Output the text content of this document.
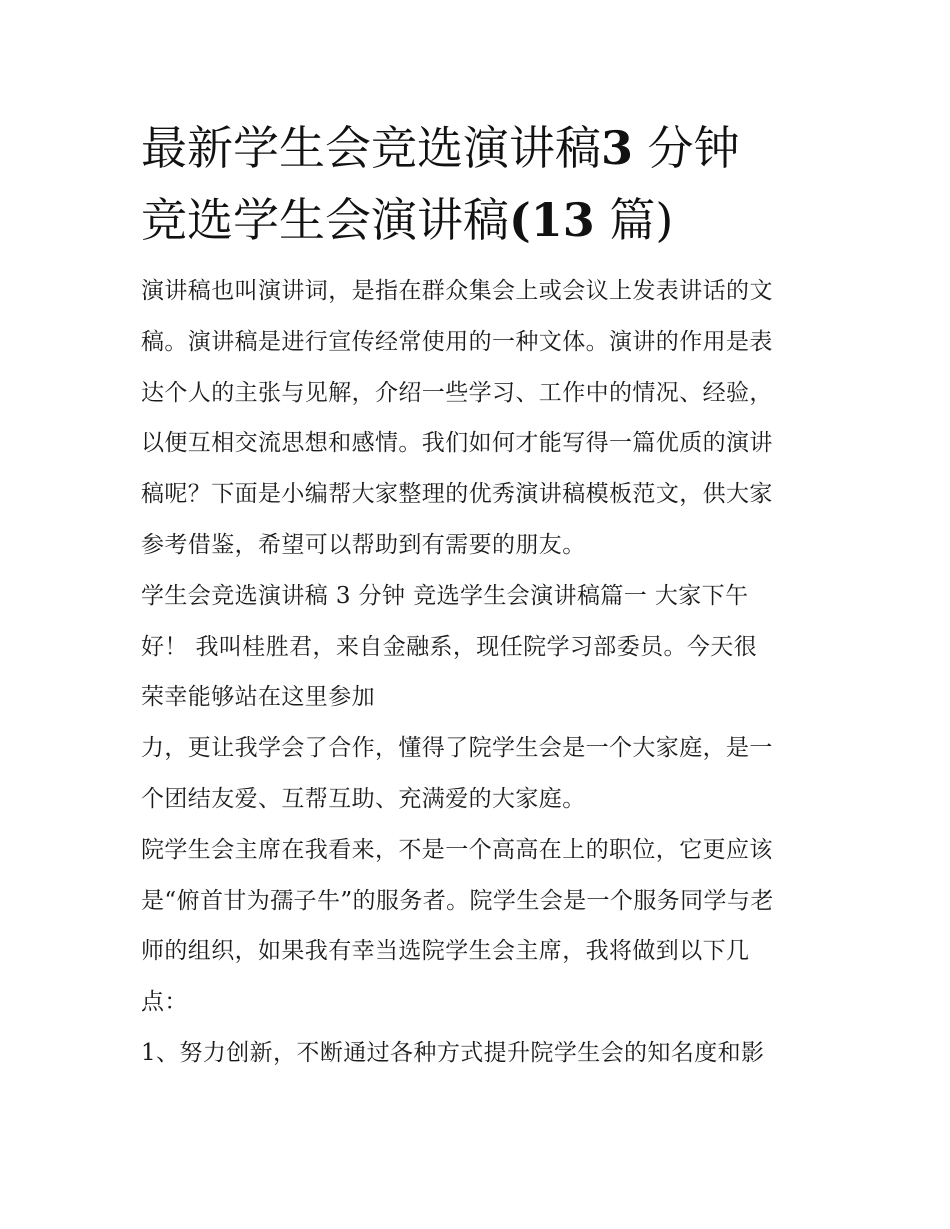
最新学生会竞选演讲稿3 分钟
竞选学生会演讲稿(13 篇)
演讲稿也叫演讲词，是指在群众集会上或会议上发表讲话的文
稿。演讲稿是进行宣传经常使用的一种文体。演讲的作用是表
达个人的主张与见解，介绍一些学习、工作中的情况、经验，
以便互相交流思想和感情。我们如何才能写得一篇优质的演讲
稿呢？下面是小编帮大家整理的优秀演讲稿模板范文，供大家
参考借鉴，希望可以帮助到有需要的朋友。
学生会竞选演讲稿 3 分钟 竞选学生会演讲稿篇一 大家下午
好！ 我叫桂胜君，来自金融系，现任院学习部委员。今天很
荣幸能够站在这里参加
力，更让我学会了合作，懂得了院学生会是一个大家庭，是一
个团结友爱、互帮互助、充满爱的大家庭。
院学生会主席在我看来，不是一个高高在上的职位，它更应该
是“俯首甘为孺子牛”的服务者。院学生会是一个服务同学与老
师的组织，如果我有幸当选院学生会主席，我将做到以下几
点：
1、努力创新，不断通过各种方式提升院学生会的知名度和影
